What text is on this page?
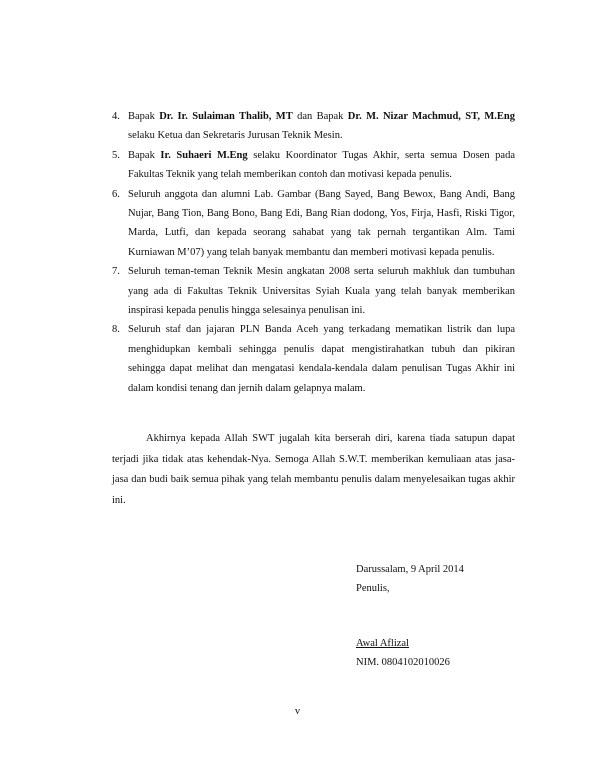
4. Bapak Dr. Ir. Sulaiman Thalib, MT dan Bapak Dr. M. Nizar Machmud, ST, M.Eng selaku Ketua dan Sekretaris Jurusan Teknik Mesin.
5. Bapak Ir. Suhaeri M.Eng selaku Koordinator Tugas Akhir, serta semua Dosen pada Fakultas Teknik yang telah memberikan contoh dan motivasi kepada penulis.
6. Seluruh anggota dan alumni Lab. Gambar (Bang Sayed, Bang Bewox, Bang Andi, Bang Nujar, Bang Tion, Bang Bono, Bang Edi, Bang Rian dodong, Yos, Firja, Hasfi, Riski Tigor, Marda, Lutfi, dan kepada seorang sahabat yang tak pernah tergantikan Alm. Tami Kurniawan M’07) yang telah banyak membantu dan memberi motivasi kepada penulis.
7. Seluruh teman-teman Teknik Mesin angkatan 2008 serta seluruh makhluk dan tumbuhan yang ada di Fakultas Teknik Universitas Syiah Kuala yang telah banyak memberikan inspirasi kepada penulis hingga selesainya penulisan ini.
8. Seluruh staf dan jajaran PLN Banda Aceh yang terkadang mematikan listrik dan lupa menghidupkan kembali sehingga penulis dapat mengistirahatkan tubuh dan pikiran sehingga dapat melihat dan mengatasi kendala-kendala dalam penulisan Tugas Akhir ini dalam kondisi tenang dan jernih dalam gelapnya malam.

Akhirnya kepada Allah SWT jugalah kita berserah diri, karena tiada satupun dapat terjadi jika tidak atas kehendak-Nya. Semoga Allah S.W.T. memberikan kemuliaan atas jasa-jasa dan budi baik semua pihak yang telah membantu penulis dalam menyelesaikan tugas akhir ini.

Darussalam, 9 April 2014
Penulis,
Awal Aflizal
NIM. 0804102010026
v
